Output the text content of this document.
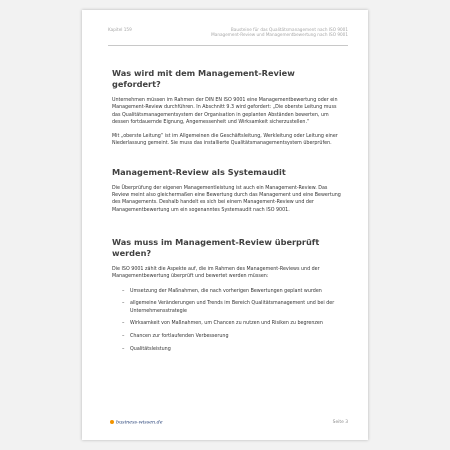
Kapitel 159	Bausteine für das Qualitätsmanagement nach ISO 9001
Management-Review und Managementbewertung nach ISO 9001
Was wird mit dem Management-Review gefordert?

Unternehmen müssen im Rahmen der DIN EN ISO 9001 eine Managementbewertung oder ein Management-Review durchführen. In Abschnitt 9.3 wird gefordert: „Die oberste Leitung muss das Qualitätsmanagementsystem der Organisation in geplanten Abständen bewerten, um dessen fortdauernde Eignung, Angemessenheit und Wirksamkeit sicherzustellen.“

Mit „oberste Leitung“ ist im Allgemeinen die Geschäftsleitung, Werkleitung oder Leitung einer Niederlassung gemeint. Sie muss das installierte Qualitätsmanagementsystem überprüfen.

Management-Review als Systemaudit

Die Überprüfung der eigenen Managementleistung ist auch ein Management-Review. Das Review meint also gleichermaßen eine Bewertung durch das Management und eine Bewertung des Managements. Deshalb handelt es sich bei einem Management-Review und der Managementbewertung um ein sogenanntes Systemaudit nach ISO 9001.

Was muss im Management-Review überprüft werden?

Die ISO 9001 zählt die Aspekte auf, die im Rahmen des Management-Reviews und der Managementbewertung überprüft und bewertet werden müssen:

– Umsetzung der Maßnahmen, die nach vorherigen Bewertungen geplant wurden
– allgemeine Veränderungen und Trends im Bereich Qualitätsmanagement und bei der Unternehmensstrategie
– Wirksamkeit von Maßnahmen, um Chancen zu nutzen und Risiken zu begrenzen
– Chancen zur fortlaufenden Verbesserung
– Qualitätsleistung
business-wissen.de	Seite 3
